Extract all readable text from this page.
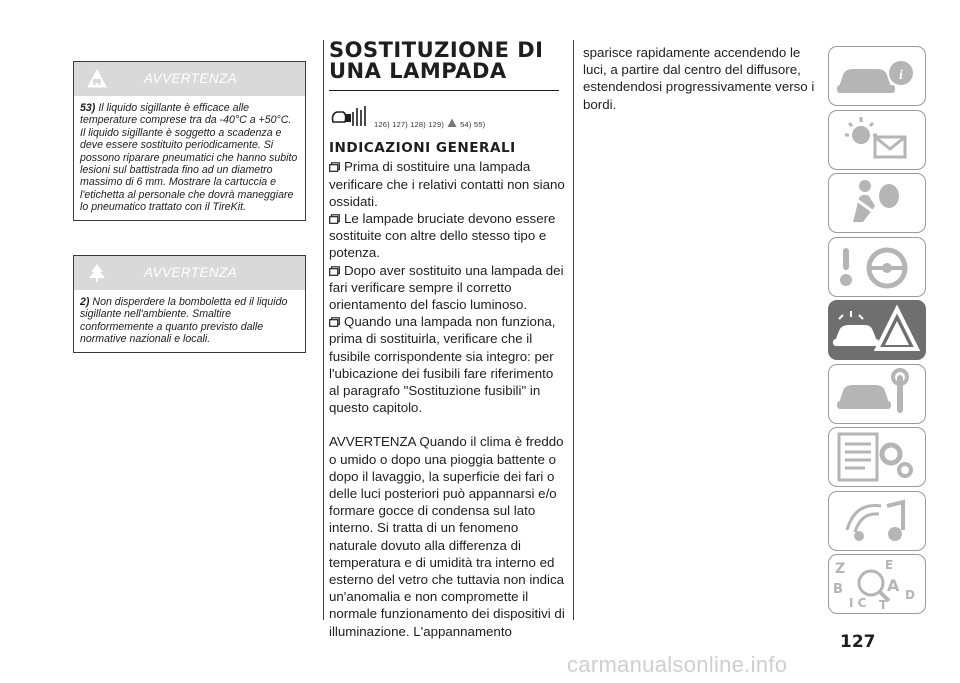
AVVERTENZA

53) Il liquido sigillante è efficace alle temperature comprese tra da -40°C a +50°C. Il liquido sigillante è soggetto a scadenza e deve essere sostituito periodicamente. Si possono riparare pneumatici che hanno subito lesioni sul battistrada fino ad un diametro massimo di 6 mm. Mostrare la cartuccia e l'etichetta al personale che dovrà maneggiare lo pneumatico trattato con il TireKit.

AVVERTENZA

2) Non disperdere la bomboletta ed il liquido sigillante nell'ambiente. Smaltire conformemente a quanto previsto dalle normative nazionali e locali.

SOSTITUZIONE DI
UNA LAMPADA
126) 127) 128) 129) 54) 55)
INDICAZIONI GENERALI

Prima di sostituire una lampada verificare che i relativi contatti non siano ossidati.

Le lampade bruciate devono essere sostituite con altre dello stesso tipo e potenza.

Dopo aver sostituito una lampada dei fari verificare sempre il corretto orientamento del fascio luminoso.

Quando una lampada non funziona, prima di sostituirla, verificare che il fusibile corrispondente sia integro: per l'ubicazione dei fusibili fare riferimento al paragrafo "Sostituzione fusibili" in questo capitolo.

AVVERTENZA Quando il clima è freddo o umido o dopo una pioggia battente o dopo il lavaggio, la superficie dei fari o delle luci posteriori può appannarsi e/o formare gocce di condensa sul lato interno. Si tratta di un fenomeno naturale dovuto alla differenza di temperatura e di umidità tra interno ed esterno del vetro che tuttavia non indica un'anomalia e non compromette il normale funzionamento dei dispositivi di illuminazione. L'appannamento

sparisce rapidamente accendendo le luci, a partire dal centro del diffusore, estendendosi progressivamente verso i bordi.

i
Z	E
B	A
I C T
D
127
carmanualsonline.info
